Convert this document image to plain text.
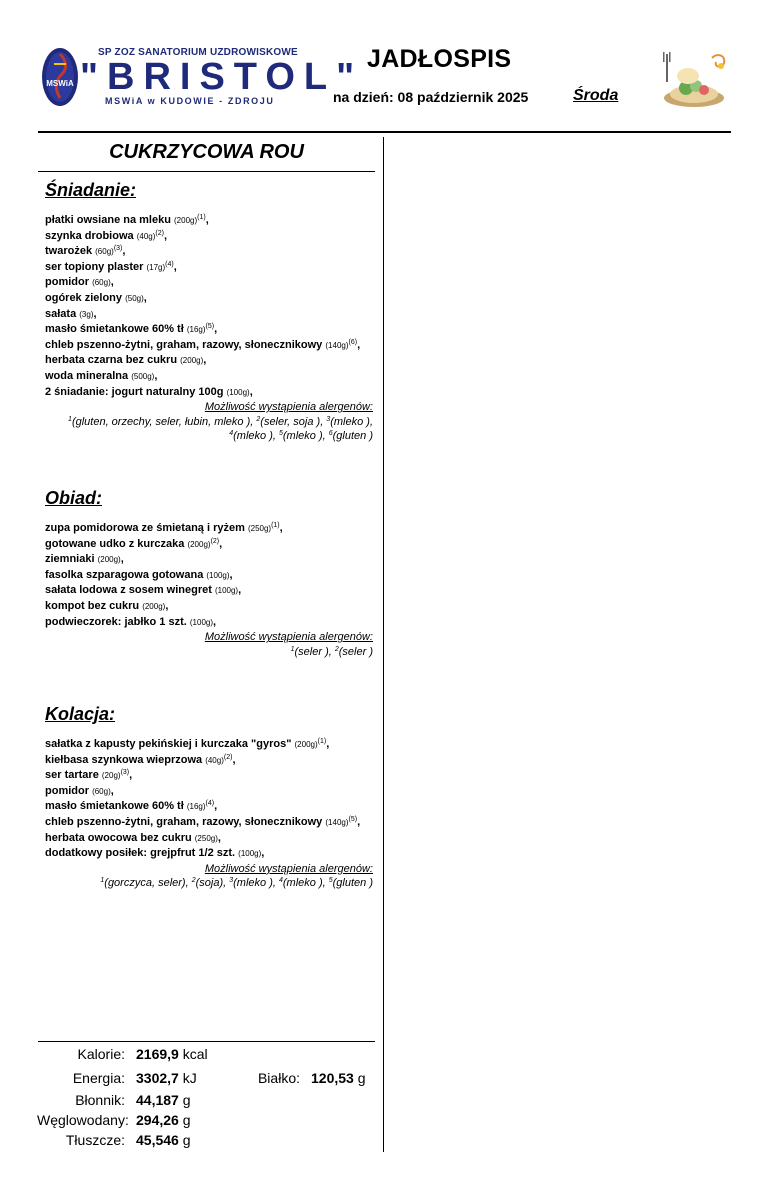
MSWiA
SP ZOZ SANATORIUM UZDROWISKOWE
"BRISTOL"
MSWiA w KUDOWIE - ZDROJU
JADŁOSPIS
na dzień: 08 październik 2025	Środa
CUKRZYCOWA ROU
Śniadanie:
płatki owsiane na mleku $(200g)^{(1)}$,
szynka drobiowa $(40g)^{(2)}$,
twarożek $(60g)^{(3)}$,
ser topiony plaster $(17g)^{(4)}$,
pomidor (60g),
ogórek zielony (50g),
sałata (3g),
masło śmietankowe 60% tł $(16g)^{(5)}$,
chleb pszenno-żytni, graham, razowy, słonecznikowy $(140g)^{(6)}$,
herbata czarna bez cukru (200g),
woda mineralna (500g),
2 śniadanie: jogurt naturalny 100g (100g),
Możliwość wystąpienia alergenów:
$^1$(gluten, orzechy, seler, łubin, mleko ), $^2$(seler, soja ), $^3$(mleko ),
$^4$(mleko ), $^5$(mleko ), $^6$(gluten )
Obiad:
zupa pomidorowa ze śmietaną i ryżem $(250g)^{(1)}$,
gotowane udko z kurczaka $(200g)^{(2)}$,
ziemniaki (200g),
fasolka szparagowa gotowana (100g),
sałata lodowa z sosem winegret (100g),
kompot bez cukru (200g),
podwieczorek: jabłko 1 szt. (100g),
Możliwość wystąpienia alergenów:
$^1$(seler ), $^2$(seler )
Kolacja:
sałatka z kapusty pekińskiej i kurczaka "gyros" $(200g)^{(1)}$,
kiełbasa szynkowa wieprzowa $(40g)^{(2)}$,
ser tartare $(20g)^{(3)}$,
pomidor (60g),
masło śmietankowe 60% tł $(16g)^{(4)}$,
chleb pszenno-żytni, graham, razowy, słonecznikowy $(140g)^{(5)}$,
herbata owocowa bez cukru (250g),
dodatkowy posiłek: grejpfrut 1/2 szt. (100g),
Możliwość wystąpienia alergenów:
$^1$(gorczyca, seler), $^2$(soja), $^3$(mleko ), $^4$(mleko ), $^5$(gluten )
Kalorie: 2169,9 kcal
Energia: 3302,7 kJ	Białko: 120,53 g
Błonnik: 44,187 g
Węglowodany: 294,26 g
Tłuszcze: 45,546 g
